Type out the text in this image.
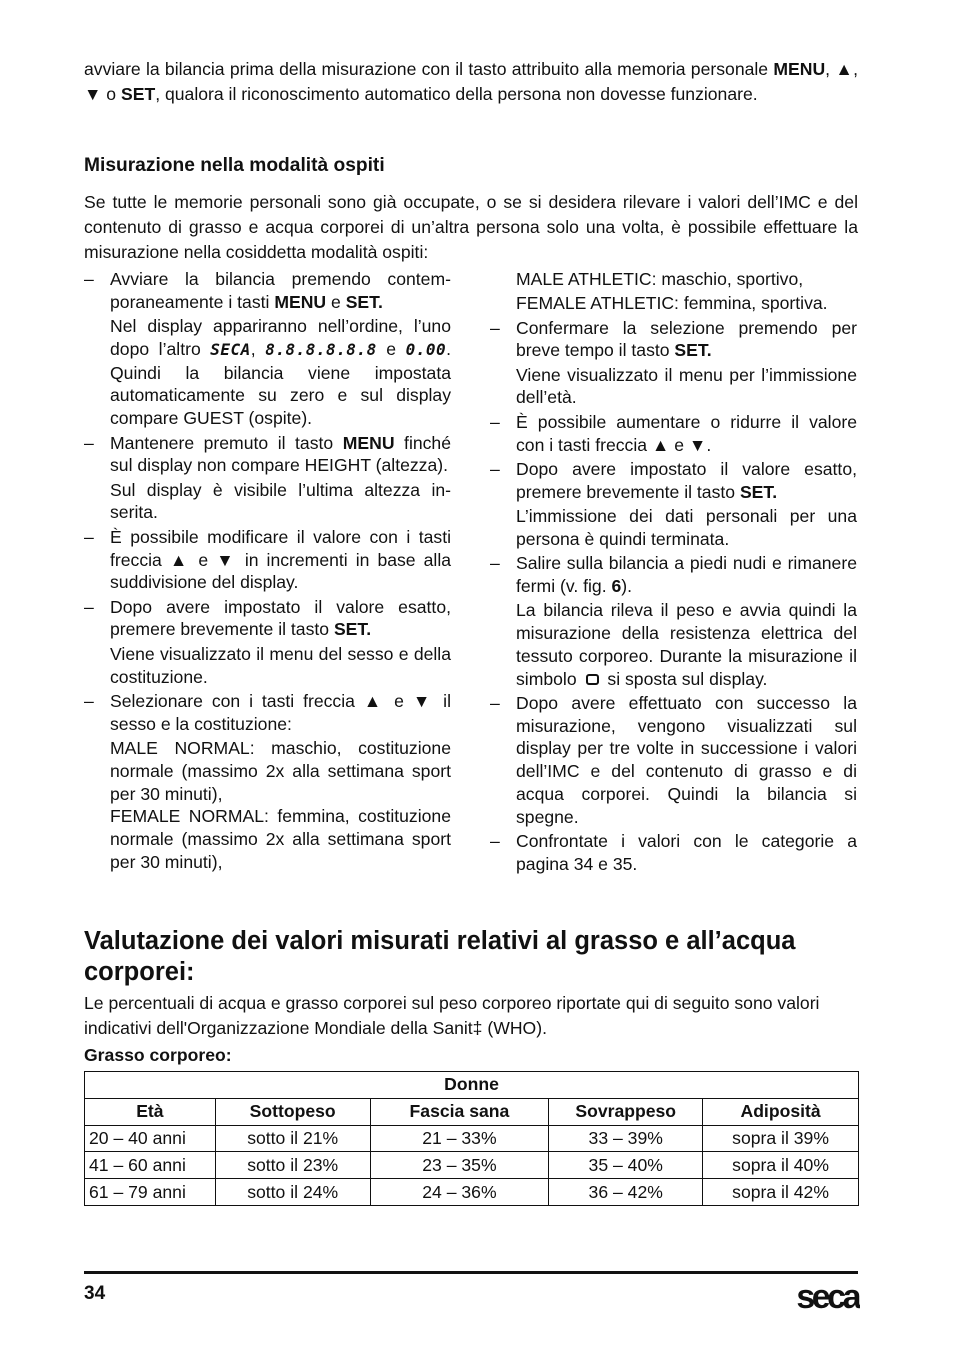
avviare la bilancia prima della misurazione con il tasto attribuito alla memoria personale MENU, ▲, ▼ o SET, qualora il riconoscimento automatico della persona non dovesse funzionare.

Misurazione nella modalità ospiti

Se tutte le memorie personali sono già occupate, o se si desidera rilevare i valori dell’IMC e del contenuto di grasso e acqua corporei di un’altra persona solo una volta, è possibile effettuare la misurazione nella cosiddetta modalità ospiti:

– Avviare la bilancia premendo contemporaneamente i tasti MENU e SET.
Nel display appariranno nell’ordine, l’uno dopo l’altro SECA, 8.8.8.8.8.8 e 0.00. Quindi la bilancia viene impostata automaticamente su zero e sul display compare GUEST (ospite).
– Mantenere premuto il tasto MENU finché sul display non compare HEIGHT (altezza).
Sul display è visibile l’ultima altezza inserita.
– È possibile modificare il valore con i tasti freccia ▲ e ▼ in incrementi in base alla suddivisione del display.
– Dopo avere impostato il valore esatto, premere brevemente il tasto SET.
Viene visualizzato il menu del sesso e della costituzione.
– Selezionare con i tasti freccia ▲ e ▼ il sesso e la costituzione:
MALE NORMAL: maschio, costituzione normale (massimo 2x alla settimana sport per 30 minuti),
FEMALE NORMAL: femmina, costituzione normale (massimo 2x alla settimana sport per 30 minuti),
MALE ATHLETIC: maschio, sportivo,
FEMALE ATHLETIC: femmina, sportiva.
– Confermare la selezione premendo per breve tempo il tasto SET.
Viene visualizzato il menu per l’immissione dell’età.
– È possibile aumentare o ridurre il valore con i tasti freccia ▲ e ▼.
– Dopo avere impostato il valore esatto, premere brevemente il tasto SET.
L’immissione dei dati personali per una persona è quindi terminata.
– Salire sulla bilancia a piedi nudi e rimanere fermi (v. fig. 6).
La bilancia rileva il peso e avvia quindi la misurazione della resistenza elettrica del tessuto corporeo. Durante la misurazione il simbolo  si sposta sul display.
– Dopo avere effettuato con successo la misurazione, vengono visualizzati sul display per tre volte in successione i valori dell’IMC e del contenuto di grasso e di acqua corporei. Quindi la bilancia si spegne.
– Confrontate i valori con le categorie a pagina 34 e 35.
Valutazione dei valori misurati relativi al grasso e all’acqua corporei:

Le percentuali di acqua e grasso corporei sul peso corporeo riportate qui di seguito sono valori indicativi dell'Organizzazione Mondiale della Sanit‡ (WHO).

Grasso corporeo:

Donne				
Età	Sottopeso	Fascia sana	Sovrappeso	Adiposità
20 – 40 anni	sotto il 21%	21 – 33%	33 – 39%	sopra il 39%
41 – 60 anni	sotto il 23%	23 – 35%	35 – 40%	sopra il 40%
61 – 79 anni	sotto il 24%	24 – 36%	36 – 42%	sopra il 42%
34	seca
